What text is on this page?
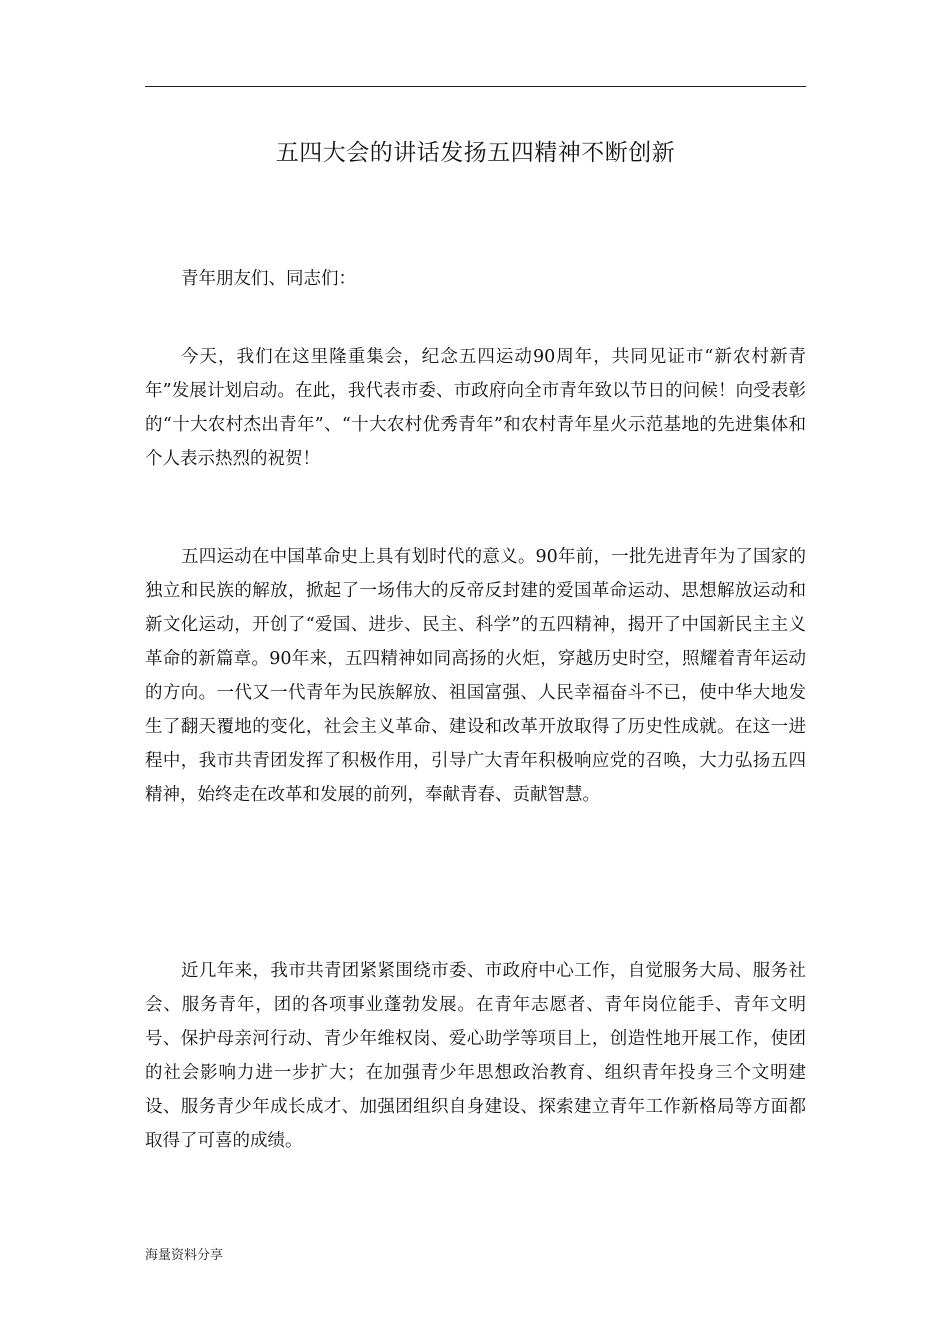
五四大会的讲话发扬五四精神不断创新

青年朋友们、同志们：

今天，我们在这里隆重集会，纪念五四运动90周年，共同见证市“新农村新青年”发展计划启动。在此，我代表市委、市政府向全市青年致以节日的问候！向受表彰的“十大农村杰出青年”、“十大农村优秀青年”和农村青年星火示范基地的先进集体和个人表示热烈的祝贺！

五四运动在中国革命史上具有划时代的意义。90年前，一批先进青年为了国家的独立和民族的解放，掀起了一场伟大的反帝反封建的爱国革命运动、思想解放运动和新文化运动，开创了“爱国、进步、民主、科学”的五四精神，揭开了中国新民主主义革命的新篇章。90年来，五四精神如同高扬的火炬，穿越历史时空，照耀着青年运动的方向。一代又一代青年为民族解放、祖国富强、人民幸福奋斗不已，使中华大地发生了翻天覆地的变化，社会主义革命、建设和改革开放取得了历史性成就。在这一进程中，我市共青团发挥了积极作用，引导广大青年积极响应党的召唤，大力弘扬五四精神，始终走在改革和发展的前列，奉献青春、贡献智慧。

近几年来，我市共青团紧紧围绕市委、市政府中心工作，自觉服务大局、服务社会、服务青年，团的各项事业蓬勃发展。在青年志愿者、青年岗位能手、青年文明号、保护母亲河行动、青少年维权岗、爱心助学等项目上，创造性地开展工作，使团的社会影响力进一步扩大；在加强青少年思想政治教育、组织青年投身三个文明建设、服务青少年成长成才、加强团组织自身建设、探索建立青年工作新格局等方面都取得了可喜的成绩。

海量资料分享
